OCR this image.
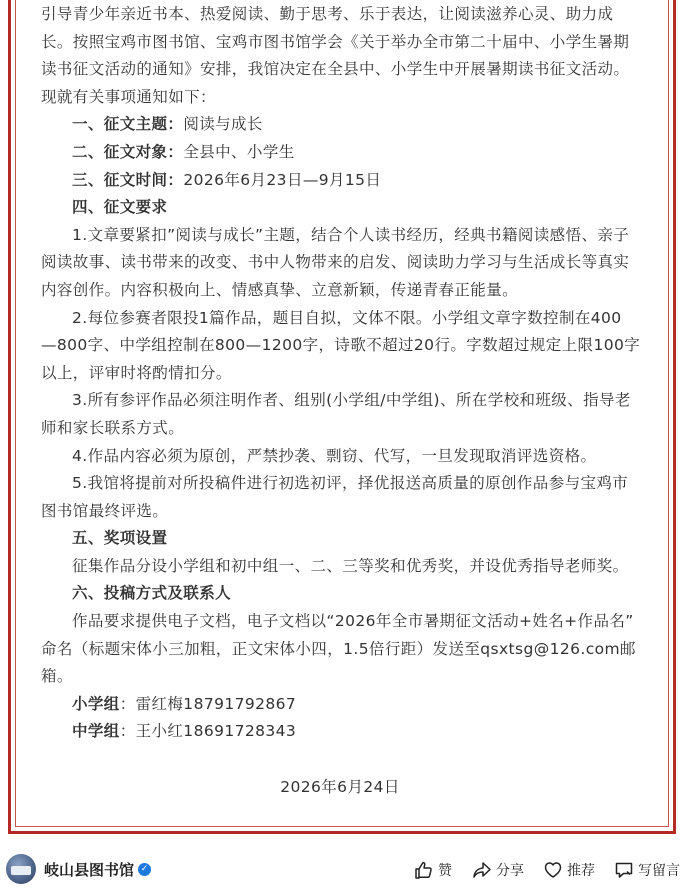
引导青少年亲近书本、热爱阅读、勤于思考、乐于表达，让阅读滋养心灵、助力成

长。按照宝鸡市图书馆、宝鸡市图书馆学会《关于举办全市第二十届中、小学生暑期

读书征文活动的通知》安排，我馆决定在全县中、小学生中开展暑期读书征文活动。

现就有关事项通知如下：

一、征文主题：阅读与成长

二、征文对象：全县中、小学生

三、征文时间：2026年6月23日—9月15日

四、征文要求

1.文章要紧扣”阅读与成长”主题，结合个人读书经历，经典书籍阅读感悟、亲子

阅读故事、读书带来的改变、书中人物带来的启发、阅读助力学习与生活成长等真实

内容创作。内容积极向上、情感真挚、立意新颖，传递青春正能量。

2.每位参赛者限投1篇作品，题目自拟，文体不限。小学组文章字数控制在400

—800字、中学组控制在800—1200字，诗歌不超过20行。字数超过规定上限100字

以上，评审时将酌情扣分。

3.所有参评作品必须注明作者、组别(小学组/中学组)、所在学校和班级、指导老

师和家长联系方式。

4.作品内容必须为原创，严禁抄袭、剽窃、代写，一旦发现取消评选资格。

5.我馆将提前对所投稿件进行初选初评，择优报送高质量的原创作品参与宝鸡市

图书馆最终评选。

五、奖项设置

征集作品分设小学组和初中组一、二、三等奖和优秀奖，并设优秀指导老师奖。

六、投稿方式及联系人

作品要求提供电子文档，电子文档以“2026年全市暑期征文活动+姓名+作品名”

命名（标题宋体小三加粗，正文宋体小四，1.5倍行距）发送至qsxtsg@126.com邮

箱。

小学组：雷红梅18791792867

中学组：王小红18691728343

2026年6月24日

岐山县图书馆 ✓	赞	分享	推荐	写留言
